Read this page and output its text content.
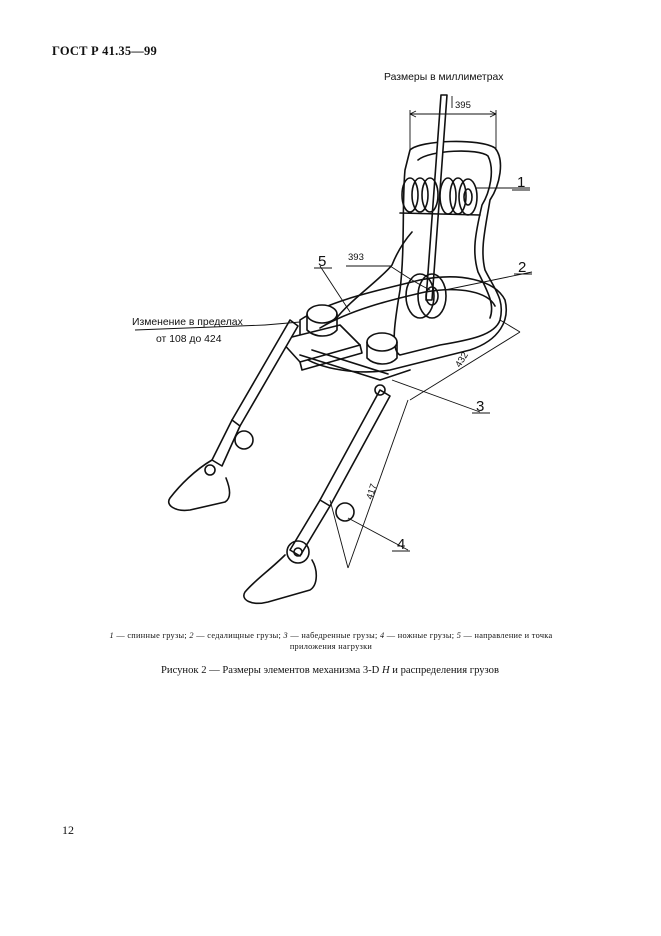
ГОСТ Р 41.35—99
Размеры в миллиметрах
395
393
432
417
Изменение в пределах
от 108 до 424
1
2
3
4
5
1 — спинные грузы; 2 — седалищные грузы; 3 — набедренные грузы; 4 — ножные грузы; 5 — направление и точка приложения нагрузки
Рисунок 2 — Размеры элементов механизма 3-D H и распределения грузов
12
